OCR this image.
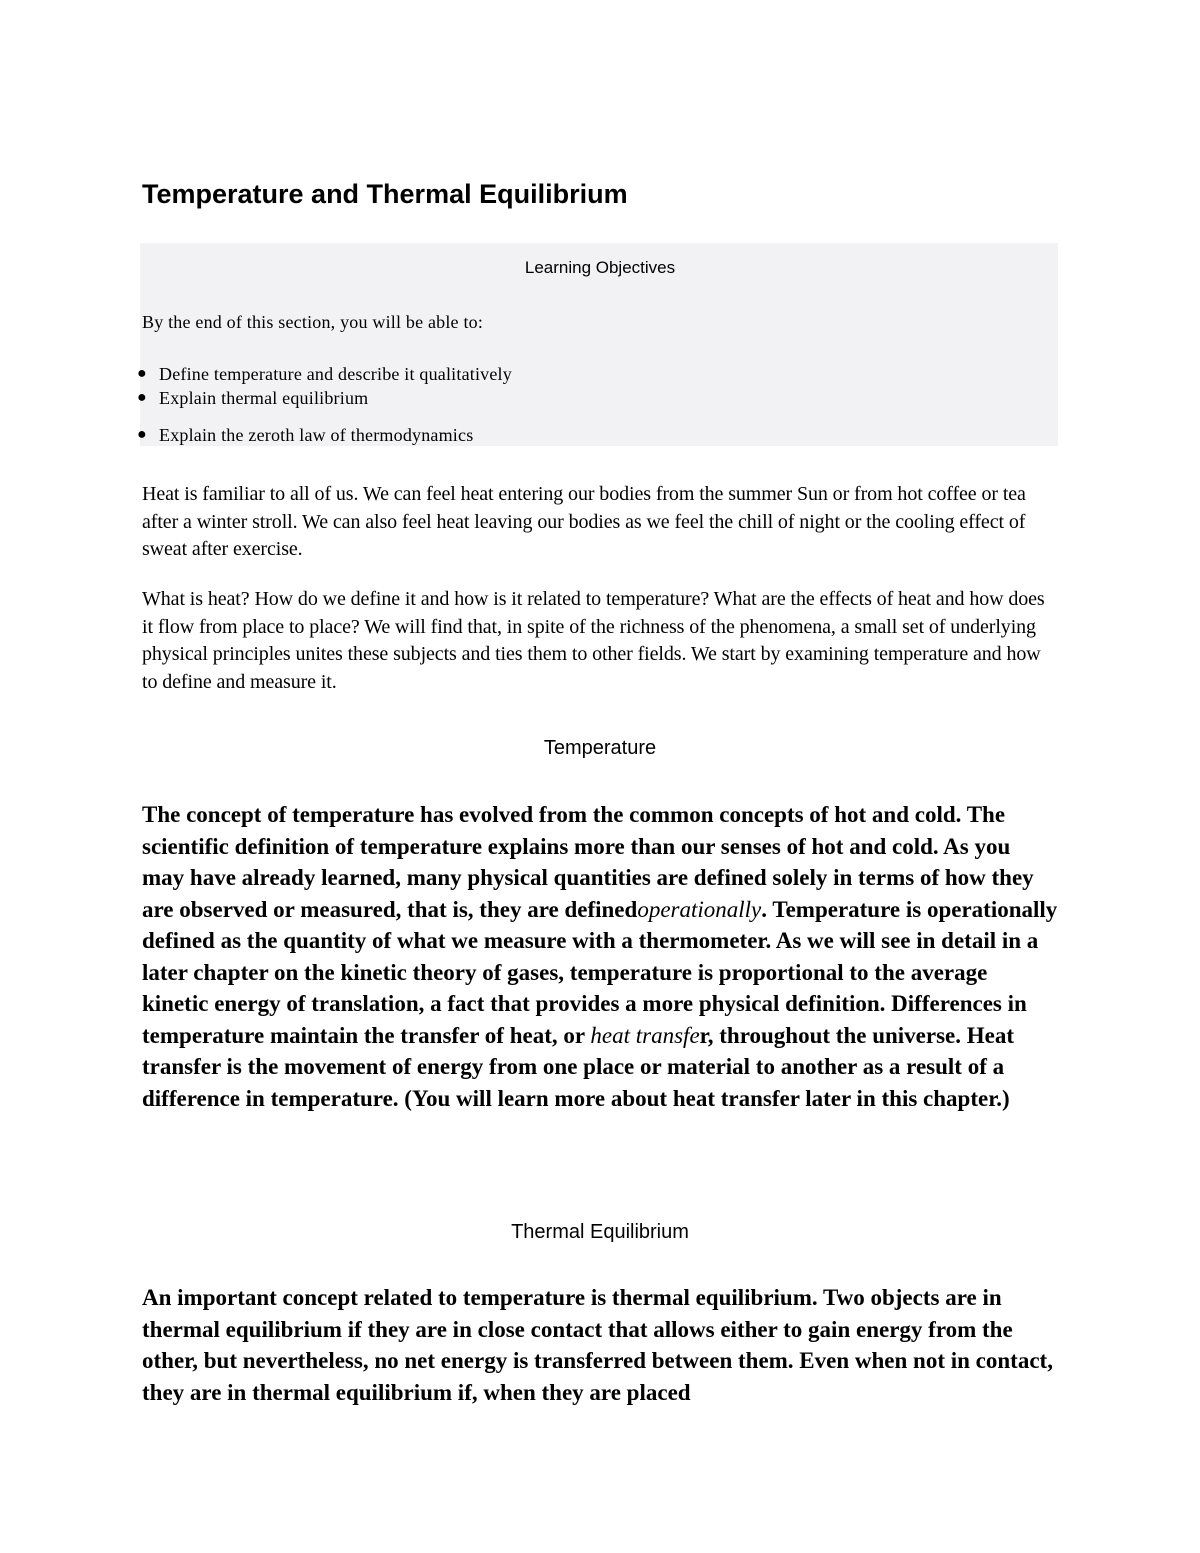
Temperature and Thermal Equilibrium
Learning Objectives
By the end of this section, you will be able to:
● Define temperature and describe it qualitatively
● Explain thermal equilibrium
● Explain the zeroth law of thermodynamics

Heat is familiar to all of us. We can feel heat entering our bodies from the summer Sun or from hot coffee or tea after a winter stroll. We can also feel heat leaving our bodies as we feel the chill of night or the cooling effect of sweat after exercise.

What is heat? How do we define it and how is it related to temperature? What are the effects of heat and how does it flow from place to place? We will find that, in spite of the richness of the phenomena, a small set of underlying physical principles unites these subjects and ties them to other fields. We start by examining temperature and how to define and measure it.

Temperature

The concept of temperature has evolved from the common concepts of hot and cold. The scientific definition of temperature explains more than our senses of hot and cold. As you may have already learned, many physical quantities are defined solely in terms of how they are observed or measured, that is, they are definedoperationally. Temperature is operationally defined as the quantity of what we measure with a thermometer. As we will see in detail in a later chapter on the kinetic theory of gases, temperature is proportional to the average kinetic energy of translation, a fact that provides a more physical definition. Differences in temperature maintain the transfer of heat, or heat transfer, throughout the universe. Heat transfer is the movement of energy from one place or material to another as a result of a difference in temperature. (You will learn more about heat transfer later in this chapter.)

Thermal Equilibrium

An important concept related to temperature is thermal equilibrium. Two objects are in thermal equilibrium if they are in close contact that allows either to gain energy from the other, but nevertheless, no net energy is transferred between them. Even when not in contact, they are in thermal equilibrium if, when they are placed
